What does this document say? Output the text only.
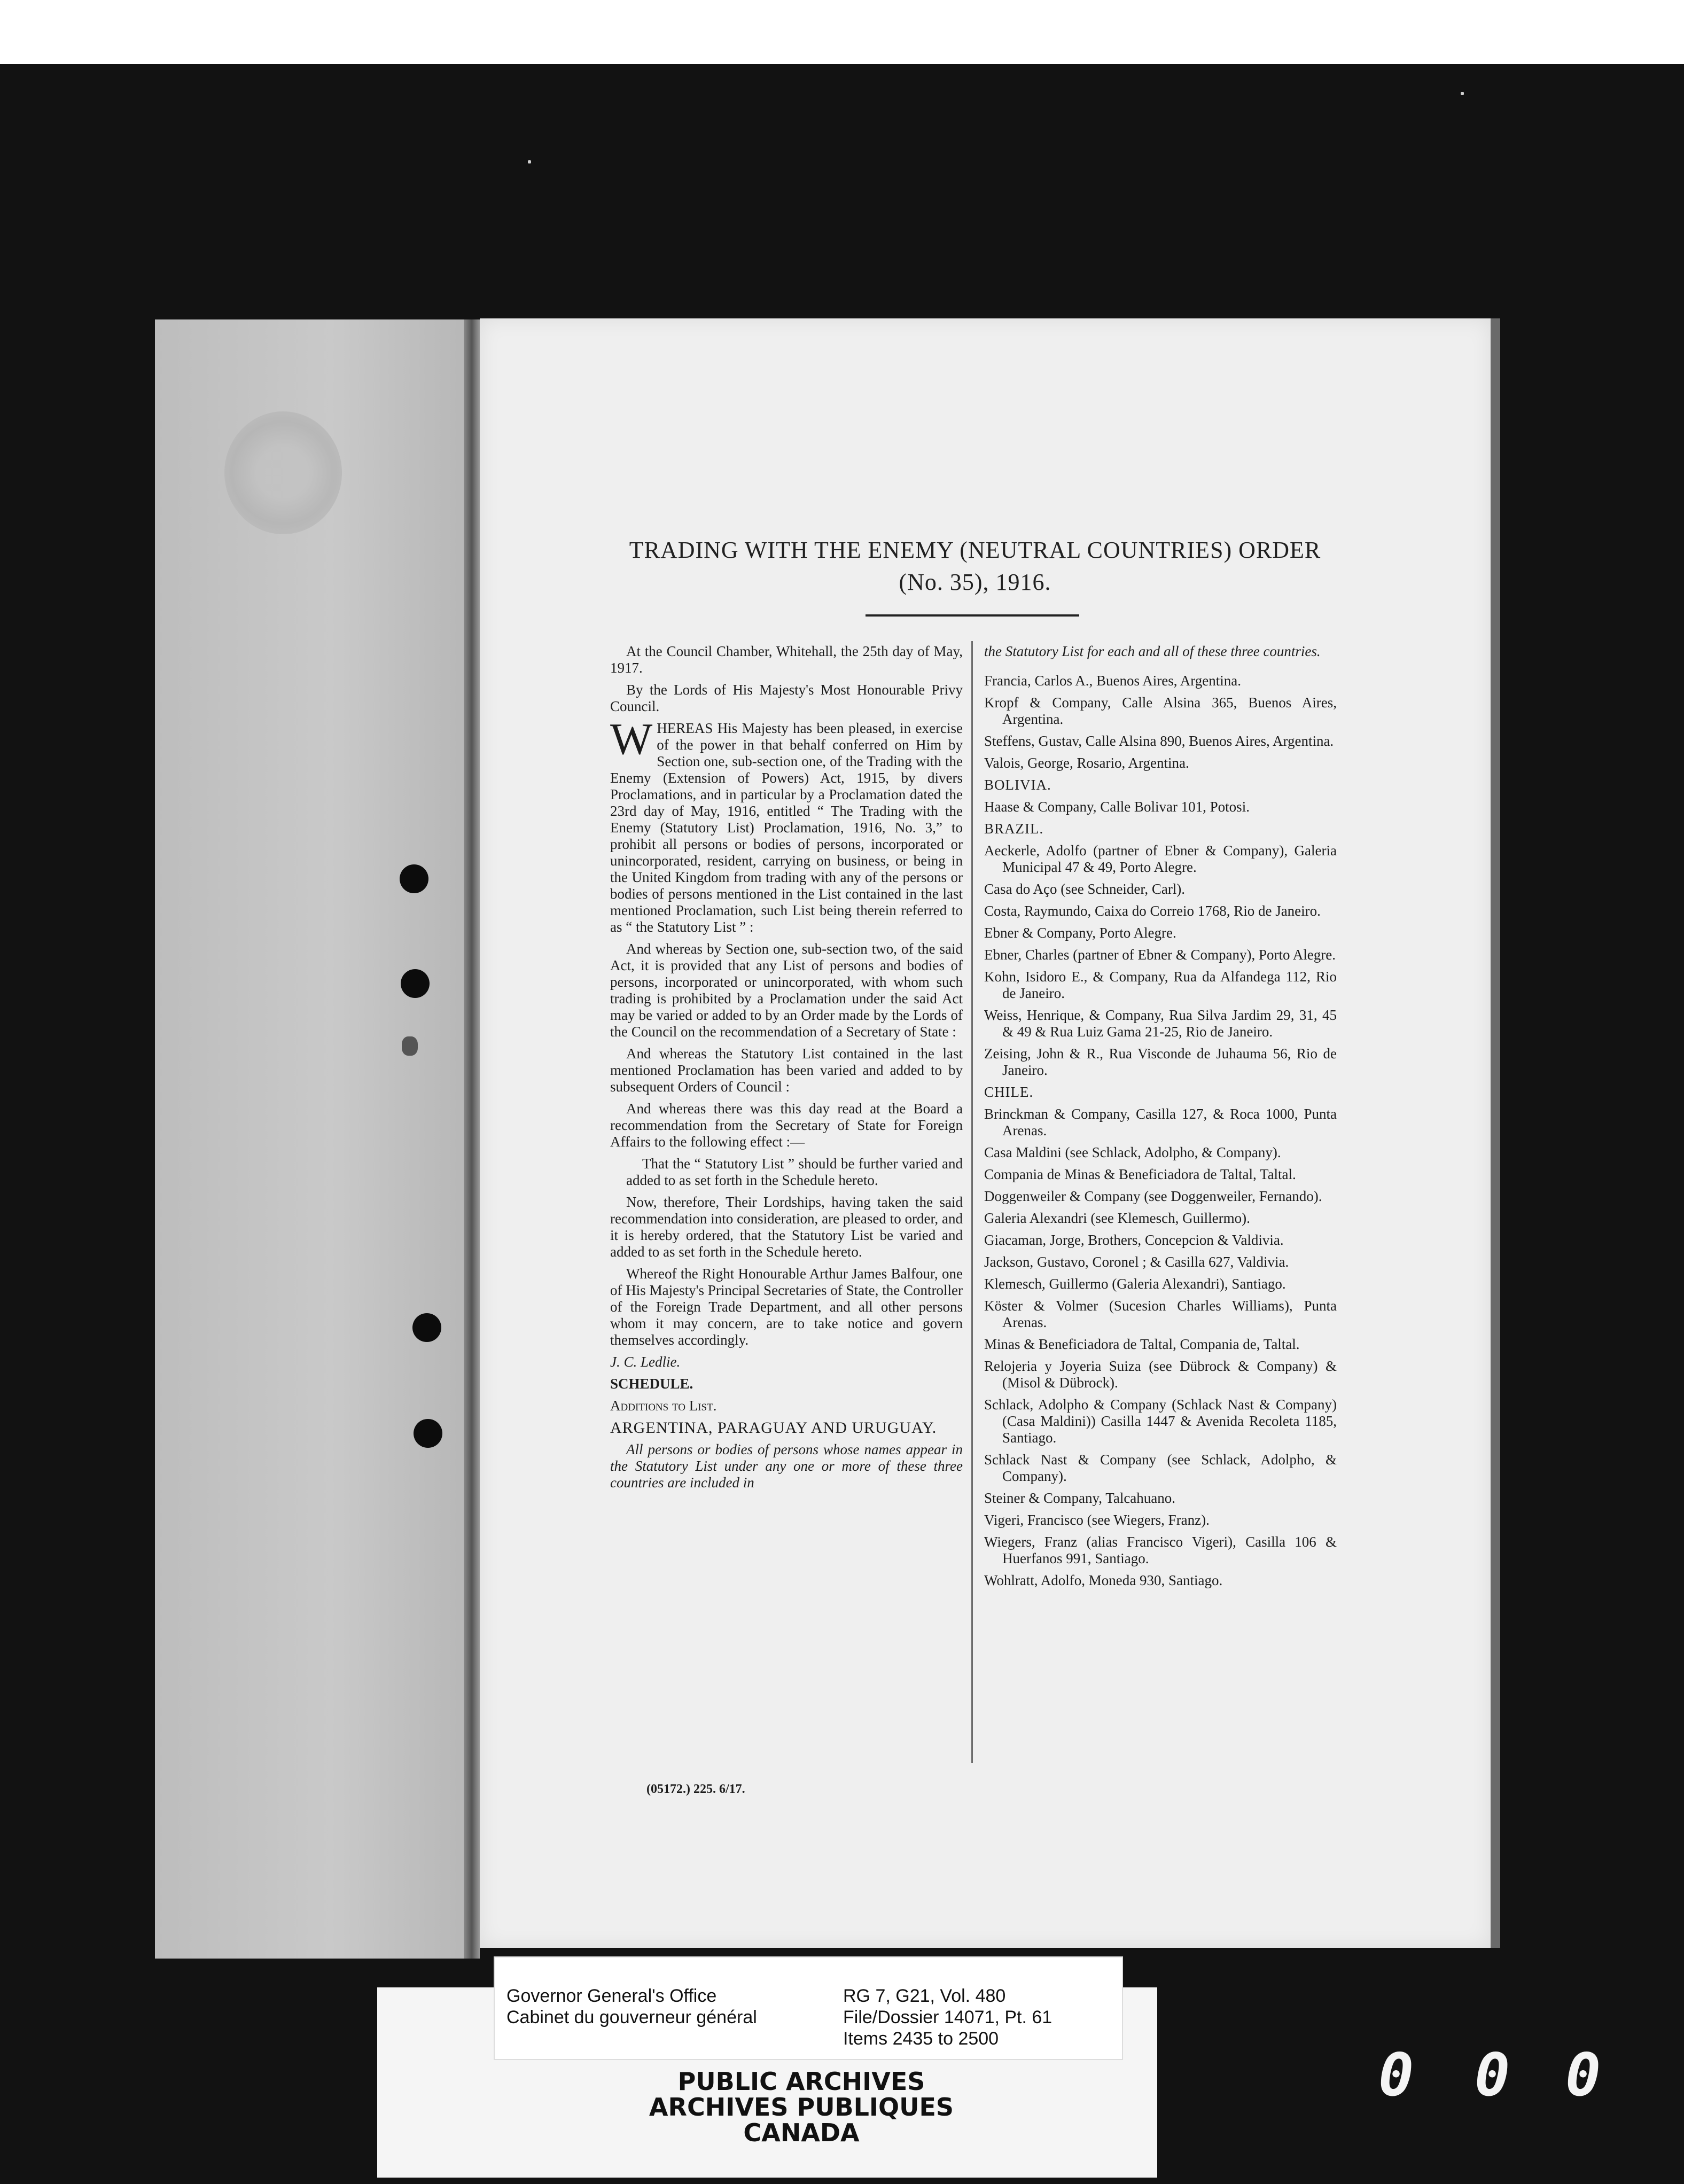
TRADING WITH THE ENEMY (NEUTRAL COUNTRIES) ORDER
(No. 35), 1916.

At the Council Chamber, Whitehall, the 25th day of May, 1917.

By the Lords of His Majesty's Most Honourable Privy Council.

WHEREAS His Majesty has been pleased, in exercise of the power in that behalf conferred on Him by Section one, sub-section one, of the Trading with the Enemy (Extension of Powers) Act, 1915, by divers Proclamations, and in particular by a Proclamation dated the 23rd day of May, 1916, entitled “ The Trading with the Enemy (Statutory List) Proclamation, 1916, No. 3,” to prohibit all persons or bodies of persons, incorporated or unincorporated, resident, carrying on business, or being in the United Kingdom from trading with any of the persons or bodies of persons mentioned in the List contained in the last mentioned Proclamation, such List being therein referred to as “ the Statutory List ” :

And whereas by Section one, sub-section two, of the said Act, it is provided that any List of persons and bodies of persons, incorporated or unincorporated, with whom such trading is prohibited by a Proclamation under the said Act may be varied or added to by an Order made by the Lords of the Council on the recommendation of a Secretary of State :

And whereas the Statutory List contained in the last mentioned Proclamation has been varied and added to by subsequent Orders of Council :

And whereas there was this day read at the Board a recommendation from the Secretary of State for Foreign Affairs to the following effect :—

That the “ Statutory List ” should be further varied and added to as set forth in the Schedule hereto.

Now, therefore, Their Lordships, having taken the said recommendation into consideration, are pleased to order, and it is hereby ordered, that the Statutory List be varied and added to as set forth in the Schedule hereto.

Whereof the Right Honourable Arthur James Balfour, one of His Majesty's Principal Secretaries of State, the Controller of the Foreign Trade Department, and all other persons whom it may concern, are to take notice and govern themselves accordingly.

J. C. Ledlie.

SCHEDULE.

Additions to List.

ARGENTINA, PARAGUAY AND URUGUAY.

All persons or bodies of persons whose names appear in the Statutory List under any one or more of these three countries are included in

(05172.) 225. 6/17.

the Statutory List for each and all of these three countries.

Francia, Carlos A., Buenos Aires, Argentina.

Kropf & Company, Calle Alsina 365, Buenos Aires, Argentina.

Steffens, Gustav, Calle Alsina 890, Buenos Aires, Argentina.

Valois, George, Rosario, Argentina.

BOLIVIA.

Haase & Company, Calle Bolivar 101, Potosi.

BRAZIL.

Aeckerle, Adolfo (partner of Ebner & Company), Galeria Municipal 47 & 49, Porto Alegre.

Casa do Aço (see Schneider, Carl).

Costa, Raymundo, Caixa do Correio 1768, Rio de Janeiro.

Ebner & Company, Porto Alegre.

Ebner, Charles (partner of Ebner & Company), Porto Alegre.

Kohn, Isidoro E., & Company, Rua da Alfandega 112, Rio de Janeiro.

Weiss, Henrique, & Company, Rua Silva Jardim 29, 31, 45 & 49 & Rua Luiz Gama 21-25, Rio de Janeiro.

Zeising, John & R., Rua Visconde de Juhauma 56, Rio de Janeiro.

CHILE.

Brinckman & Company, Casilla 127, & Roca 1000, Punta Arenas.

Casa Maldini (see Schlack, Adolpho, & Company).

Compania de Minas & Beneficiadora de Taltal, Taltal.

Doggenweiler & Company (see Doggenweiler, Fernando).

Galeria Alexandri (see Klemesch, Guillermo).

Giacaman, Jorge, Brothers, Concepcion & Valdivia.

Jackson, Gustavo, Coronel ; & Casilla 627, Valdivia.

Klemesch, Guillermo (Galeria Alexandri), Santiago.

Köster & Volmer (Sucesion Charles Williams), Punta Arenas.

Minas & Beneficiadora de Taltal, Compania de, Taltal.

Relojeria y Joyeria Suiza (see Dübrock & Company) & (Misol & Dübrock).

Schlack, Adolpho & Company (Schlack Nast & Company) (Casa Maldini)) Casilla 1447 & Avenida Recoleta 1185, Santiago.

Schlack Nast & Company (see Schlack, Adolpho, & Company).

Steiner & Company, Talcahuano.

Vigeri, Francisco (see Wiegers, Franz).

Wiegers, Franz (alias Francisco Vigeri), Casilla 106 & Huerfanos 991, Santiago.

Wohlratt, Adolfo, Moneda 930, Santiago.

Governor General's Office
Cabinet du gouverneur général
RG 7, G21, Vol. 480
File/Dossier 14071, Pt. 61
Items 2435 to 2500
PUBLIC ARCHIVES
ARCHIVES PUBLIQUES
CANADA
0 0 0
